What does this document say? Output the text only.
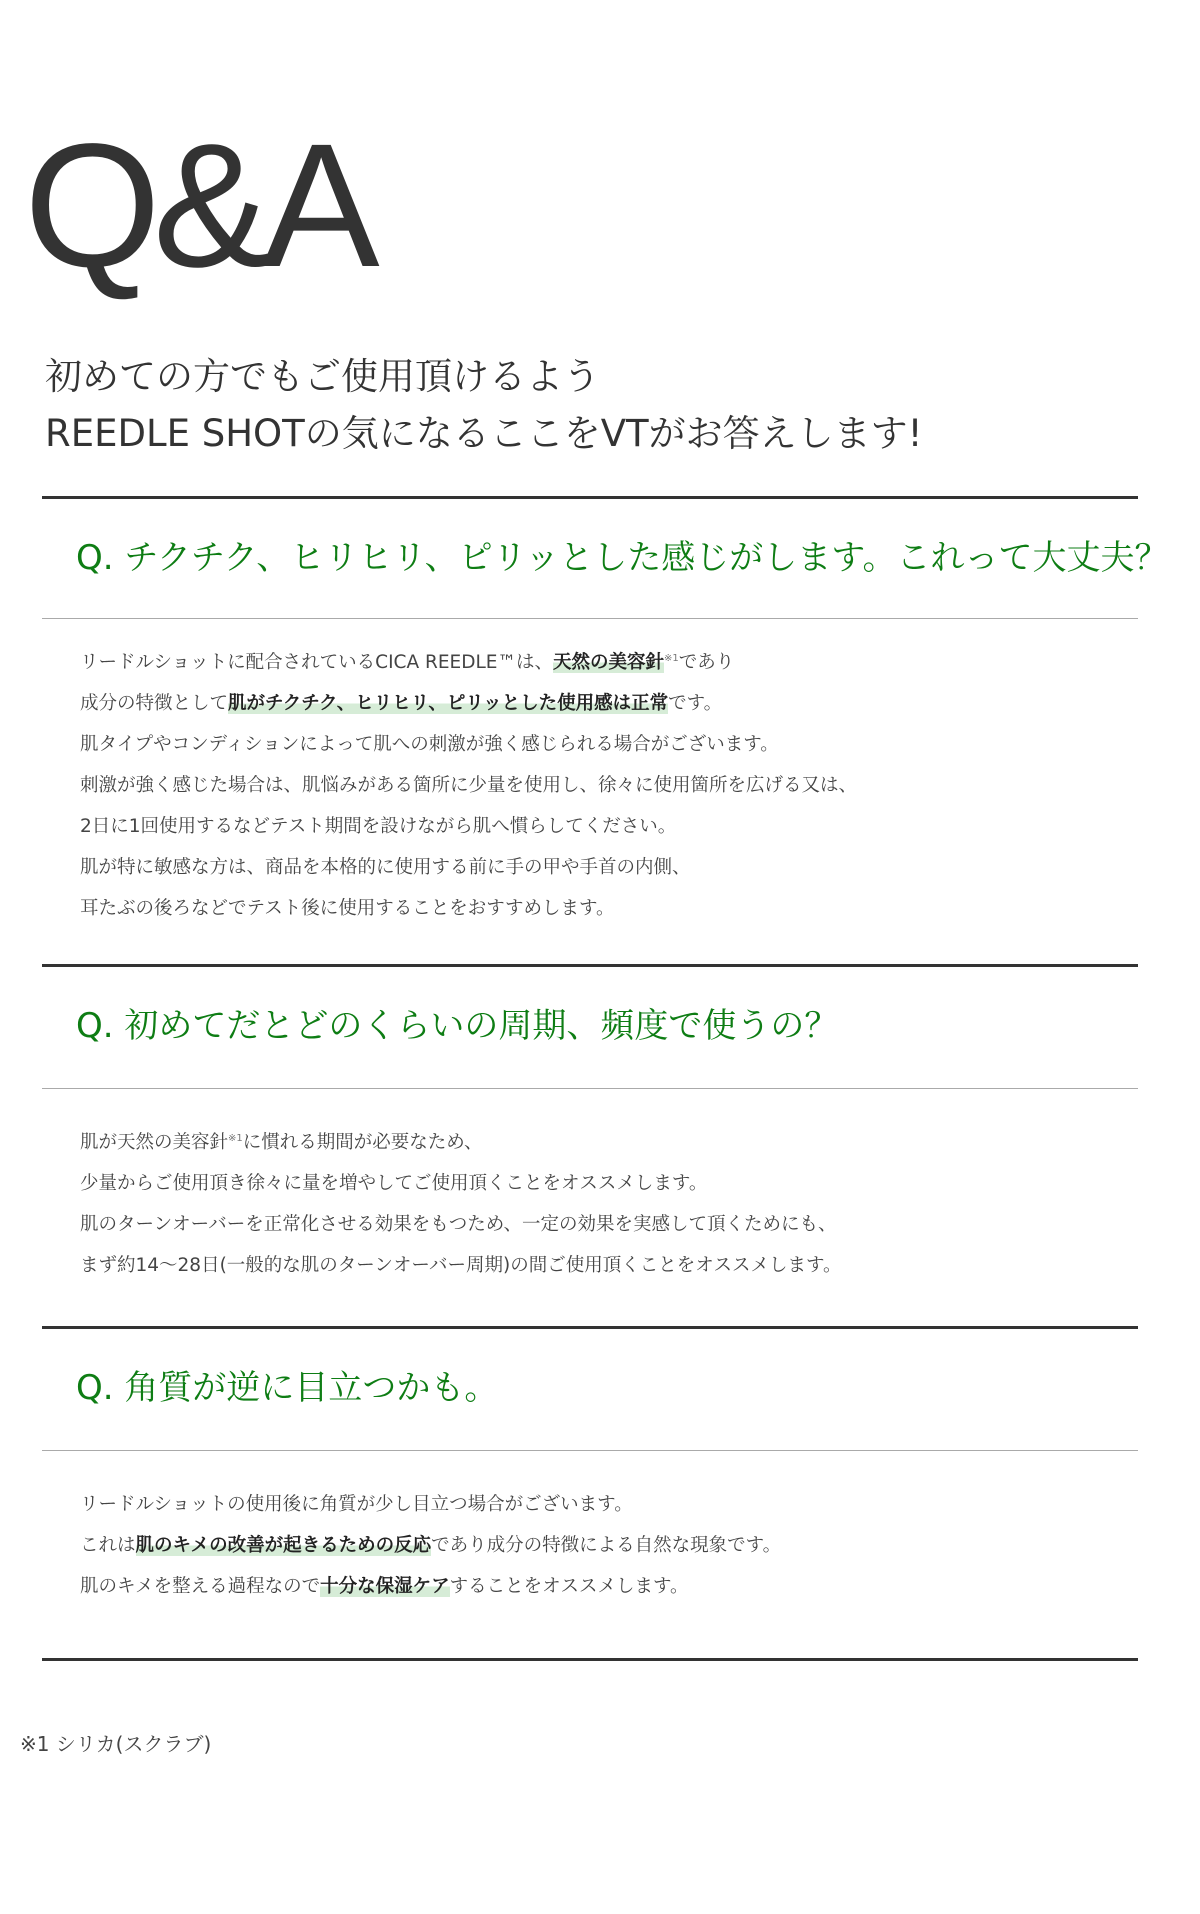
Q&A

初めての方でもご使用頂けるよう
REEDLE SHOTの気になるここをVTがお答えします!

Q. チクチク、ヒリヒリ、ピリッとした感じがします。これって大丈夫？
リードルショットに配合されているCICA REEDLE™は、天然の美容針$^{※1}$であり
成分の特徴として肌がチクチク、ヒリヒリ、ピリッとした使用感は正常です。
肌タイプやコンディションによって肌への刺激が強く感じられる場合がございます。
刺激が強く感じた場合は、肌悩みがある箇所に少量を使用し、徐々に使用箇所を広げる又は、
2日に1回使用するなどテスト期間を設けながら肌へ慣らしてください。
肌が特に敏感な方は、商品を本格的に使用する前に手の甲や手首の内側、
耳たぶの後ろなどでテスト後に使用することをおすすめします。
Q. 初めてだとどのくらいの周期、頻度で使うの？
肌が天然の美容針$^{※1}$に慣れる期間が必要なため、
少量からご使用頂き徐々に量を増やしてご使用頂くことをオススメします。
肌のターンオーバーを正常化させる効果をもつため、一定の効果を実感して頂くためにも、
まず約14～28日(一般的な肌のターンオーバー周期)の間ご使用頂くことをオススメします。
Q. 角質が逆に目立つかも。
リードルショットの使用後に角質が少し目立つ場合がございます。
これは肌のキメの改善が起きるための反応であり成分の特徴による自然な現象です。
肌のキメを整える過程なので十分な保湿ケアすることをオススメします。

※1 シリカ(スクラブ)
